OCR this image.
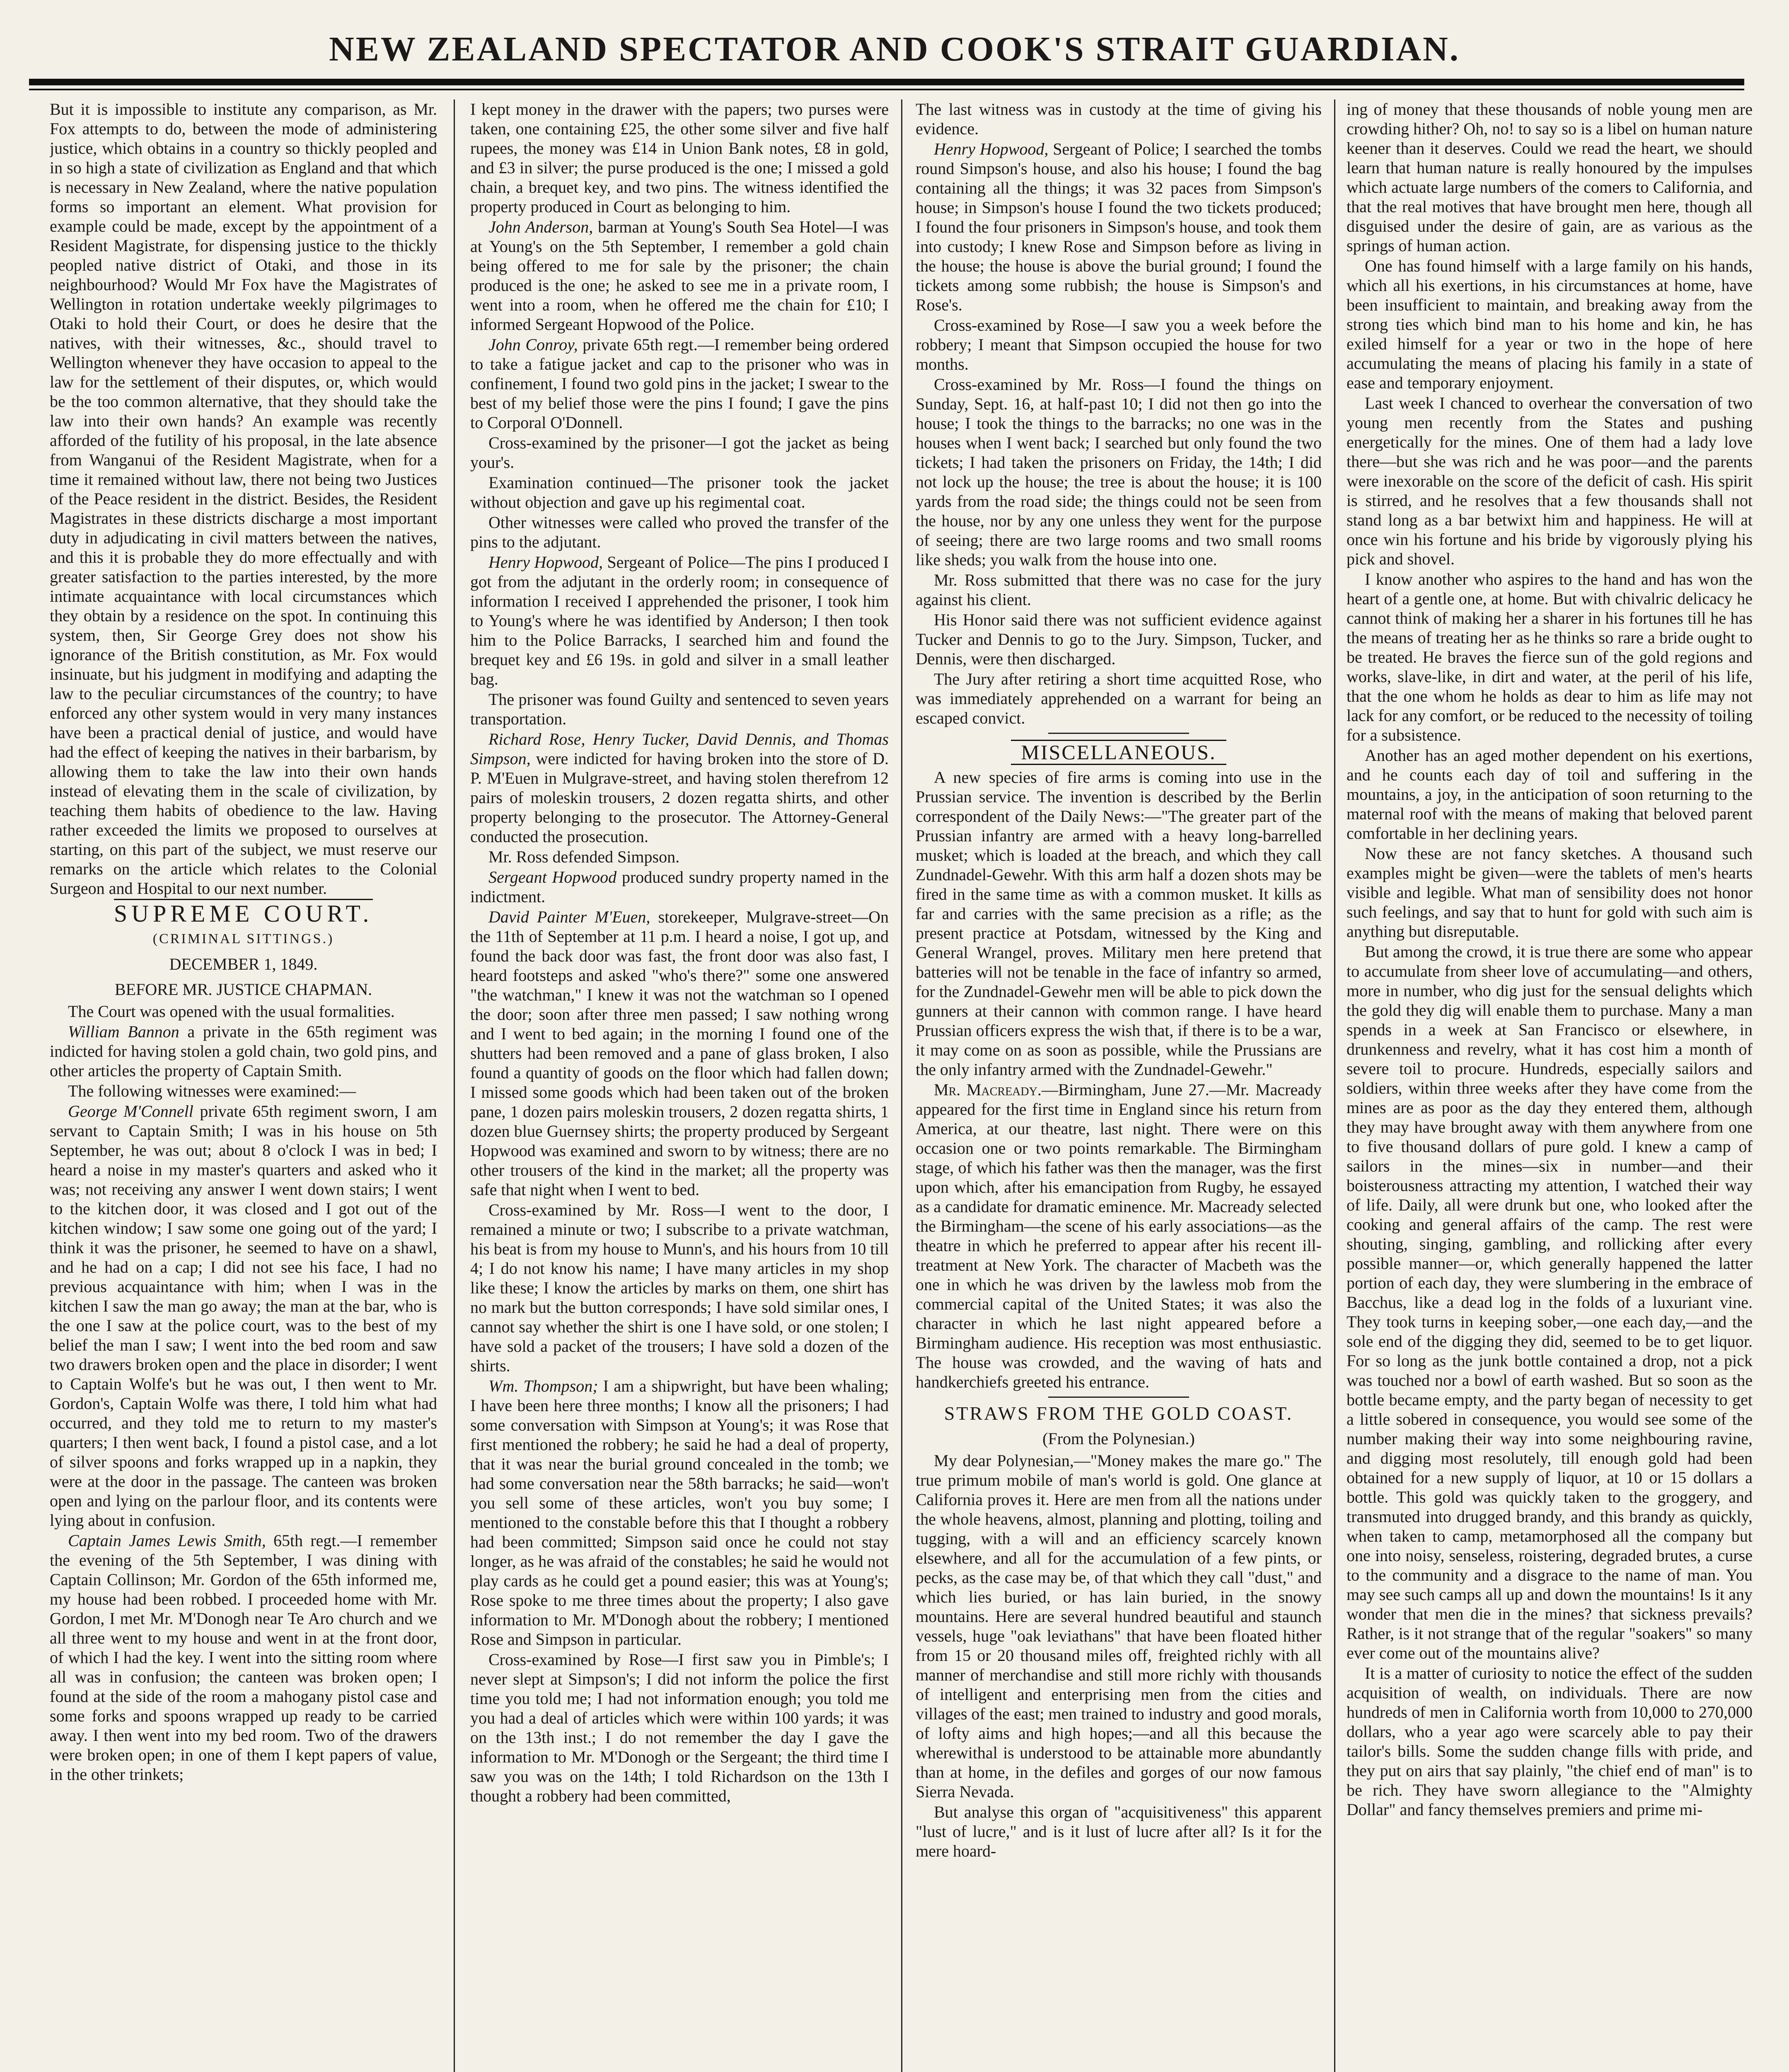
NEW ZEALAND SPECTATOR AND COOK'S STRAIT GUARDIAN.

But it is impossible to institute any comparison, as Mr. Fox attempts to do, between the mode of administering justice, which obtains in a country so thickly peopled and in so high a state of civilization as England and that which is necessary in New Zealand, where the native population forms so important an element. What provision for example could be made, except by the appointment of a Resident Magistrate, for dispensing justice to the thickly peopled native district of Otaki, and those in its neighbourhood? Would Mr Fox have the Magistrates of Wellington in rotation undertake weekly pilgrimages to Otaki to hold their Court, or does he desire that the natives, with their witnesses, &c., should travel to Wellington whenever they have occasion to appeal to the law for the settlement of their disputes, or, which would be the too common alternative, that they should take the law into their own hands? An example was recently afforded of the futility of his proposal, in the late absence from Wanganui of the Resident Magistrate, when for a time it remained without law, there not being two Justices of the Peace resident in the district. Besides, the Resident Magistrates in these districts discharge a most important duty in adjudicating in civil matters between the natives, and this it is probable they do more effectually and with greater satisfaction to the parties interested, by the more intimate acquaintance with local circumstances which they obtain by a residence on the spot. In continuing this system, then, Sir George Grey does not show his ignorance of the British constitution, as Mr. Fox would insinuate, but his judgment in modifying and adapting the law to the peculiar circumstances of the country; to have enforced any other system would in very many instances have been a practical denial of justice, and would have had the effect of keeping the natives in their barbarism, by allowing them to take the law into their own hands instead of elevating them in the scale of civilization, by teaching them habits of obedience to the law. Having rather exceeded the limits we proposed to ourselves at starting, on this part of the subject, we must reserve our remarks on the article which relates to the Colonial Surgeon and Hospital to our next number.

SUPREME COURT.
(CRIMINAL SITTINGS.)
DECEMBER 1, 1849.
BEFORE MR. JUSTICE CHAPMAN.

The Court was opened with the usual formalities.

William Bannon a private in the 65th regiment was indicted for having stolen a gold chain, two gold pins, and other articles the property of Captain Smith.

The following witnesses were examined:—

George M'Connell private 65th regiment sworn, I am servant to Captain Smith; I was in his house on 5th September, he was out; about 8 o'clock I was in bed; I heard a noise in my master's quarters and asked who it was; not receiving any answer I went down stairs; I went to the kitchen door, it was closed and I got out of the kitchen window; I saw some one going out of the yard; I think it was the prisoner, he seemed to have on a shawl, and he had on a cap; I did not see his face, I had no previous acquaintance with him; when I was in the kitchen I saw the man go away; the man at the bar, who is the one I saw at the police court, was to the best of my belief the man I saw; I went into the bed room and saw two drawers broken open and the place in disorder; I went to Captain Wolfe's but he was out, I then went to Mr. Gordon's, Captain Wolfe was there, I told him what had occurred, and they told me to return to my master's quarters; I then went back, I found a pistol case, and a lot of silver spoons and forks wrapped up in a napkin, they were at the door in the passage. The canteen was broken open and lying on the parlour floor, and its contents were lying about in confusion.

Captain James Lewis Smith, 65th regt.—I remember the evening of the 5th September, I was dining with Captain Collinson; Mr. Gordon of the 65th informed me, my house had been robbed. I proceeded home with Mr. Gordon, I met Mr. M'Donogh near Te Aro church and we all three went to my house and went in at the front door, of which I had the key. I went into the sitting room where all was in confusion; the canteen was broken open; I found at the side of the room a mahogany pistol case and some forks and spoons wrapped up ready to be carried away. I then went into my bed room. Two of the drawers were broken open; in one of them I kept papers of value, in the other trinkets;

I kept money in the drawer with the papers; two purses were taken, one containing £25, the other some silver and five half rupees, the money was £14 in Union Bank notes, £8 in gold, and £3 in silver; the purse produced is the one; I missed a gold chain, a brequet key, and two pins. The witness identified the property produced in Court as belonging to him.

John Anderson, barman at Young's South Sea Hotel—I was at Young's on the 5th September, I remember a gold chain being offered to me for sale by the prisoner; the chain produced is the one; he asked to see me in a private room, I went into a room, when he offered me the chain for £10; I informed Sergeant Hopwood of the Police.

John Conroy, private 65th regt.—I remember being ordered to take a fatigue jacket and cap to the prisoner who was in confinement, I found two gold pins in the jacket; I swear to the best of my belief those were the pins I found; I gave the pins to Corporal O'Donnell.

Cross-examined by the prisoner—I got the jacket as being your's.

Examination continued—The prisoner took the jacket without objection and gave up his regimental coat.

Other witnesses were called who proved the transfer of the pins to the adjutant.

Henry Hopwood, Sergeant of Police—The pins I produced I got from the adjutant in the orderly room; in consequence of information I received I apprehended the prisoner, I took him to Young's where he was identified by Anderson; I then took him to the Police Barracks, I searched him and found the brequet key and £6 19s. in gold and silver in a small leather bag.

The prisoner was found Guilty and sentenced to seven years transportation.

Richard Rose, Henry Tucker, David Dennis, and Thomas Simpson, were indicted for having broken into the store of D. P. M'Euen in Mulgrave-street, and having stolen therefrom 12 pairs of moleskin trousers, 2 dozen regatta shirts, and other property belonging to the prosecutor. The Attorney-General conducted the prosecution.

Mr. Ross defended Simpson.

Sergeant Hopwood produced sundry property named in the indictment.

David Painter M'Euen, storekeeper, Mulgrave-street—On the 11th of September at 11 p.m. I heard a noise, I got up, and found the back door was fast, the front door was also fast, I heard footsteps and asked "who's there?" some one answered "the watchman," I knew it was not the watchman so I opened the door; soon after three men passed; I saw nothing wrong and I went to bed again; in the morning I found one of the shutters had been removed and a pane of glass broken, I also found a quantity of goods on the floor which had fallen down; I missed some goods which had been taken out of the broken pane, 1 dozen pairs moleskin trousers, 2 dozen regatta shirts, 1 dozen blue Guernsey shirts; the property produced by Sergeant Hopwood was examined and sworn to by witness; there are no other trousers of the kind in the market; all the property was safe that night when I went to bed.

Cross-examined by Mr. Ross—I went to the door, I remained a minute or two; I subscribe to a private watchman, his beat is from my house to Munn's, and his hours from 10 till 4; I do not know his name; I have many articles in my shop like these; I know the articles by marks on them, one shirt has no mark but the button corresponds; I have sold similar ones, I cannot say whether the shirt is one I have sold, or one stolen; I have sold a packet of the trousers; I have sold a dozen of the shirts.

Wm. Thompson; I am a shipwright, but have been whaling; I have been here three months; I know all the prisoners; I had some conversation with Simpson at Young's; it was Rose that first mentioned the robbery; he said he had a deal of property, that it was near the burial ground concealed in the tomb; we had some conversation near the 58th barracks; he said—won't you sell some of these articles, won't you buy some; I mentioned to the constable before this that I thought a robbery had been committed; Simpson said once he could not stay longer, as he was afraid of the constables; he said he would not play cards as he could get a pound easier; this was at Young's; Rose spoke to me three times about the property; I also gave information to Mr. M'Donogh about the robbery; I mentioned Rose and Simpson in particular.

Cross-examined by Rose—I first saw you in Pimble's; I never slept at Simpson's; I did not inform the police the first time you told me; I had not information enough; you told me you had a deal of articles which were within 100 yards; it was on the 13th inst.; I do not remember the day I gave the information to Mr. M'Donogh or the Sergeant; the third time I saw you was on the 14th; I told Richardson on the 13th I thought a robbery had been committed,

The last witness was in custody at the time of giving his evidence.

Henry Hopwood, Sergeant of Police; I searched the tombs round Simpson's house, and also his house; I found the bag containing all the things; it was 32 paces from Simpson's house; in Simpson's house I found the two tickets produced; I found the four prisoners in Simpson's house, and took them into custody; I knew Rose and Simpson before as living in the house; the house is above the burial ground; I found the tickets among some rubbish; the house is Simpson's and Rose's.

Cross-examined by Rose—I saw you a week before the robbery; I meant that Simpson occupied the house for two months.

Cross-examined by Mr. Ross—I found the things on Sunday, Sept. 16, at half-past 10; I did not then go into the house; I took the things to the barracks; no one was in the houses when I went back; I searched but only found the two tickets; I had taken the prisoners on Friday, the 14th; I did not lock up the house; the tree is about the house; it is 100 yards from the road side; the things could not be seen from the house, nor by any one unless they went for the purpose of seeing; there are two large rooms and two small rooms like sheds; you walk from the house into one.

Mr. Ross submitted that there was no case for the jury against his client.

His Honor said there was not sufficient evidence against Tucker and Dennis to go to the Jury. Simpson, Tucker, and Dennis, were then discharged.

The Jury after retiring a short time acquitted Rose, who was immediately apprehended on a warrant for being an escaped convict.

MISCELLANEOUS.

A new species of fire arms is coming into use in the Prussian service. The invention is described by the Berlin correspondent of the Daily News:—"The greater part of the Prussian infantry are armed with a heavy long-barrelled musket; which is loaded at the breach, and which they call Zundnadel-Gewehr. With this arm half a dozen shots may be fired in the same time as with a common musket. It kills as far and carries with the same precision as a rifle; as the present practice at Potsdam, witnessed by the King and General Wrangel, proves. Military men here pretend that batteries will not be tenable in the face of infantry so armed, for the Zundnadel-Gewehr men will be able to pick down the gunners at their cannon with common range. I have heard Prussian officers express the wish that, if there is to be a war, it may come on as soon as possible, while the Prussians are the only infantry armed with the Zundnadel-Gewehr."

Mr. Macready.—Birmingham, June 27.—Mr. Macready appeared for the first time in England since his return from America, at our theatre, last night. There were on this occasion one or two points remarkable. The Birmingham stage, of which his father was then the manager, was the first upon which, after his emancipation from Rugby, he essayed as a candidate for dramatic eminence. Mr. Macready selected the Birmingham—the scene of his early associations—as the theatre in which he preferred to appear after his recent ill-treatment at New York. The character of Macbeth was the one in which he was driven by the lawless mob from the commercial capital of the United States; it was also the character in which he last night appeared before a Birmingham audience. His reception was most enthusiastic. The house was crowded, and the waving of hats and handkerchiefs greeted his entrance.

STRAWS FROM THE GOLD COAST.
(From the Polynesian.)

My dear Polynesian,—"Money makes the mare go." The true primum mobile of man's world is gold. One glance at California proves it. Here are men from all the nations under the whole heavens, almost, planning and plotting, toiling and tugging, with a will and an efficiency scarcely known elsewhere, and all for the accumulation of a few pints, or pecks, as the case may be, of that which they call "dust," and which lies buried, or has lain buried, in the snowy mountains. Here are several hundred beautiful and staunch vessels, huge "oak leviathans" that have been floated hither from 15 or 20 thousand miles off, freighted richly with all manner of merchandise and still more richly with thousands of intelligent and enterprising men from the cities and villages of the east; men trained to industry and good morals, of lofty aims and high hopes;—and all this because the wherewithal is understood to be attainable more abundantly than at home, in the defiles and gorges of our now famous Sierra Nevada.

But analyse this organ of "acquisitiveness" this apparent "lust of lucre," and is it lust of lucre after all? Is it for the mere hoard-

ing of money that these thousands of noble young men are crowding hither? Oh, no! to say so is a libel on human nature keener than it deserves. Could we read the heart, we should learn that human nature is really honoured by the impulses which actuate large numbers of the comers to California, and that the real motives that have brought men here, though all disguised under the desire of gain, are as various as the springs of human action.

One has found himself with a large family on his hands, which all his exertions, in his circumstances at home, have been insufficient to maintain, and breaking away from the strong ties which bind man to his home and kin, he has exiled himself for a year or two in the hope of here accumulating the means of placing his family in a state of ease and temporary enjoyment.

Last week I chanced to overhear the conversation of two young men recently from the States and pushing energetically for the mines. One of them had a lady love there—but she was rich and he was poor—and the parents were inexorable on the score of the deficit of cash. His spirit is stirred, and he resolves that a few thousands shall not stand long as a bar betwixt him and happiness. He will at once win his fortune and his bride by vigorously plying his pick and shovel.

I know another who aspires to the hand and has won the heart of a gentle one, at home. But with chivalric delicacy he cannot think of making her a sharer in his fortunes till he has the means of treating her as he thinks so rare a bride ought to be treated. He braves the fierce sun of the gold regions and works, slave-like, in dirt and water, at the peril of his life, that the one whom he holds as dear to him as life may not lack for any comfort, or be reduced to the necessity of toiling for a subsistence.

Another has an aged mother dependent on his exertions, and he counts each day of toil and suffering in the mountains, a joy, in the anticipation of soon returning to the maternal roof with the means of making that beloved parent comfortable in her declining years.

Now these are not fancy sketches. A thousand such examples might be given—were the tablets of men's hearts visible and legible. What man of sensibility does not honor such feelings, and say that to hunt for gold with such aim is anything but disreputable.

But among the crowd, it is true there are some who appear to accumulate from sheer love of accumulating—and others, more in number, who dig just for the sensual delights which the gold they dig will enable them to purchase. Many a man spends in a week at San Francisco or elsewhere, in drunkenness and revelry, what it has cost him a month of severe toil to procure. Hundreds, especially sailors and soldiers, within three weeks after they have come from the mines are as poor as the day they entered them, although they may have brought away with them anywhere from one to five thousand dollars of pure gold. I knew a camp of sailors in the mines—six in number—and their boisterousness attracting my attention, I watched their way of life. Daily, all were drunk but one, who looked after the cooking and general affairs of the camp. The rest were shouting, singing, gambling, and rollicking after every possible manner—or, which generally happened the latter portion of each day, they were slumbering in the embrace of Bacchus, like a dead log in the folds of a luxuriant vine. They took turns in keeping sober,—one each day,—and the sole end of the digging they did, seemed to be to get liquor. For so long as the junk bottle contained a drop, not a pick was touched nor a bowl of earth washed. But so soon as the bottle became empty, and the party began of necessity to get a little sobered in consequence, you would see some of the number making their way into some neighbouring ravine, and digging most resolutely, till enough gold had been obtained for a new supply of liquor, at 10 or 15 dollars a bottle. This gold was quickly taken to the groggery, and transmuted into drugged brandy, and this brandy as quickly, when taken to camp, metamorphosed all the company but one into noisy, senseless, roistering, degraded brutes, a curse to the community and a disgrace to the name of man. You may see such camps all up and down the mountains! Is it any wonder that men die in the mines? that sickness prevails? Rather, is it not strange that of the regular "soakers" so many ever come out of the mountains alive?

It is a matter of curiosity to notice the effect of the sudden acquisition of wealth, on individuals. There are now hundreds of men in California worth from 10,000 to 270,000 dollars, who a year ago were scarcely able to pay their tailor's bills. Some the sudden change fills with pride, and they put on airs that say plainly, "the chief end of man" is to be rich. They have sworn allegiance to the "Almighty Dollar" and fancy themselves premiers and prime mi-
